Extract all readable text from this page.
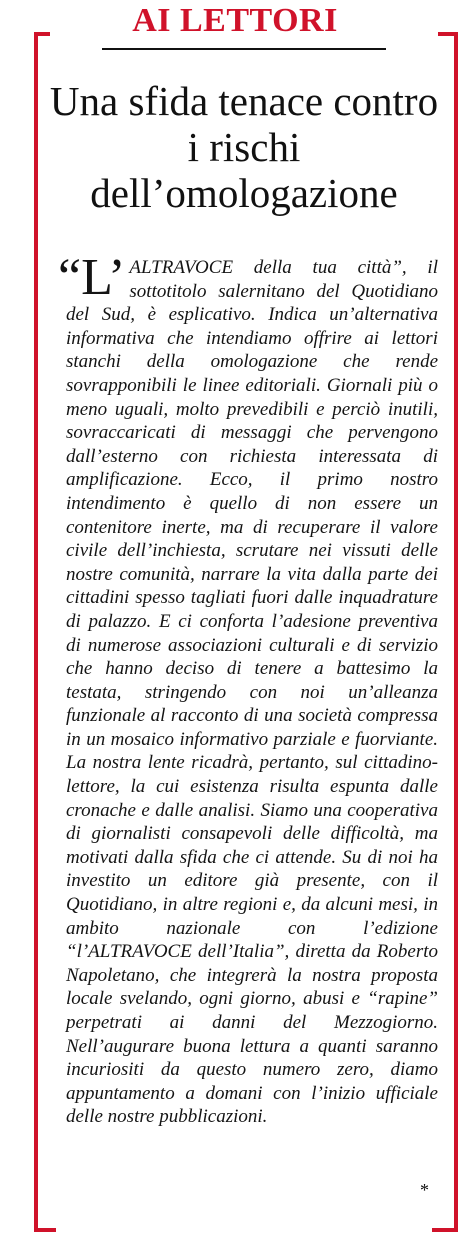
AI LETTORI
Una sfida tenace contro i rischi dell’omologazione

“L’ ALTRAVOCE della tua città”, il sottotitolo salernitano del Quotidiano del Sud, è esplicativo. Indica un’alternativa informativa che intendiamo offrire ai lettori stanchi della omologazione che rende sovrapponibili le linee editoriali. Giornali più o meno uguali, molto prevedibili e perciò inutili, sovraccaricati di messaggi che pervengono dall’esterno con richiesta interessata di amplificazione. Ecco, il primo nostro intendimento è quello di non essere un contenitore inerte, ma di recuperare il valore civile dell’inchiesta, scrutare nei vissuti delle nostre comunità, narrare la vita dalla parte dei cittadini spesso tagliati fuori dalle inquadrature di palazzo. E ci conforta l’adesione preventiva di numerose associazioni culturali e di servizio che hanno deciso di tenere a battesimo la testata, stringendo con noi un’alleanza funzionale al racconto di una società compressa in un mosaico informativo parziale e fuorviante. La nostra lente ricadrà, pertanto, sul cittadino-lettore, la cui esistenza risulta espunta dalle cronache e dalle analisi. Siamo una cooperativa di giornalisti consapevoli delle difficoltà, ma motivati dalla sfida che ci attende. Su di noi ha investito un editore già presente, con il Quotidiano, in altre regioni e, da alcuni mesi, in ambito nazionale con l’edizione “l’ALTRAVOCE dell’Italia”, diretta da Roberto Napoletano, che integrerà la nostra proposta locale svelando, ogni giorno, abusi e “rapine” perpetrati ai danni del Mezzogiorno. Nell’augurare buona lettura a quanti saranno incuriositi da questo numero zero, diamo appuntamento a domani con l’inizio ufficiale delle nostre pubblicazioni.

*
